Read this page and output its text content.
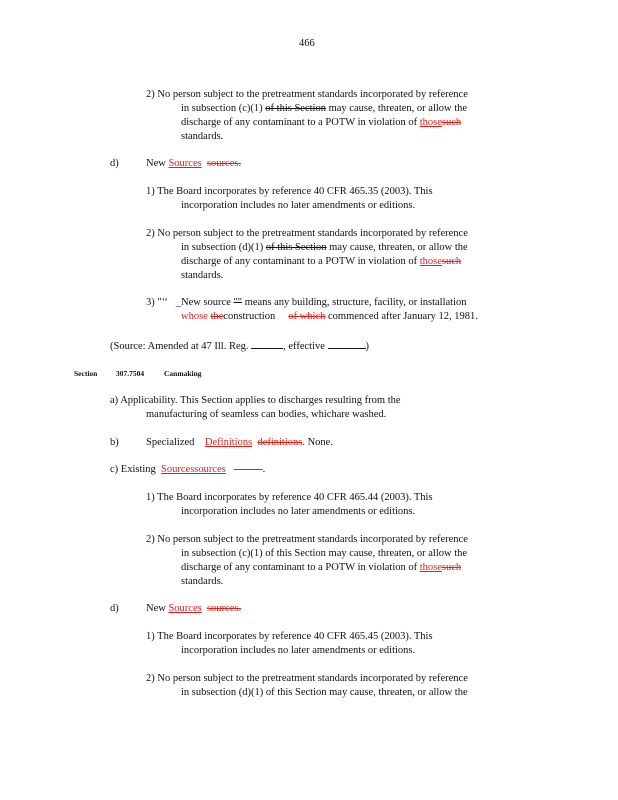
466
2) No person subject to the pretreatment standards incorporated by reference
in subsection (c)(1) of this Section may cause, threaten, or allow the
discharge of any contaminant to a POTW in violation of thosesuch
standards.
d)	New Sources sources.
1) The Board incorporates by reference 40 CFR 465.35 (2003). This
incorporation includes no later amendments or editions.
2) No person subject to the pretreatment standards incorporated by reference
in subsection (d)(1) of this Section may cause, threaten, or allow the
discharge of any contaminant to a POTW in violation of thosesuch
standards.
3) "‘‘ _New source "" means any building, structure, facility, or installation
whose theconstruction of which commenced after January 12, 1981.
(Source: Amended at 47 Ill. Reg.	, effective	)
Section 307.7504	Canmaking
a) Applicability. This Section applies to discharges resulting from the
manufacturing of seamless can bodies, whichare washed.
b)	Specialized Definitions definitions. None.
c) Existing Sourcessources	.
1) The Board incorporates by reference 40 CFR 465.44 (2003). This
incorporation includes no later amendments or editions.
2) No person subject to the pretreatment standards incorporated by reference
in subsection (c)(1) of this Section may cause, threaten, or allow the
discharge of any contaminant to a POTW in violation of thosesuch
standards.
d)	New Sources sources.
1) The Board incorporates by reference 40 CFR 465.45 (2003). This
incorporation includes no later amendments or editions.
2) No person subject to the pretreatment standards incorporated by reference
in subsection (d)(1) of this Section may cause, threaten, or allow the
